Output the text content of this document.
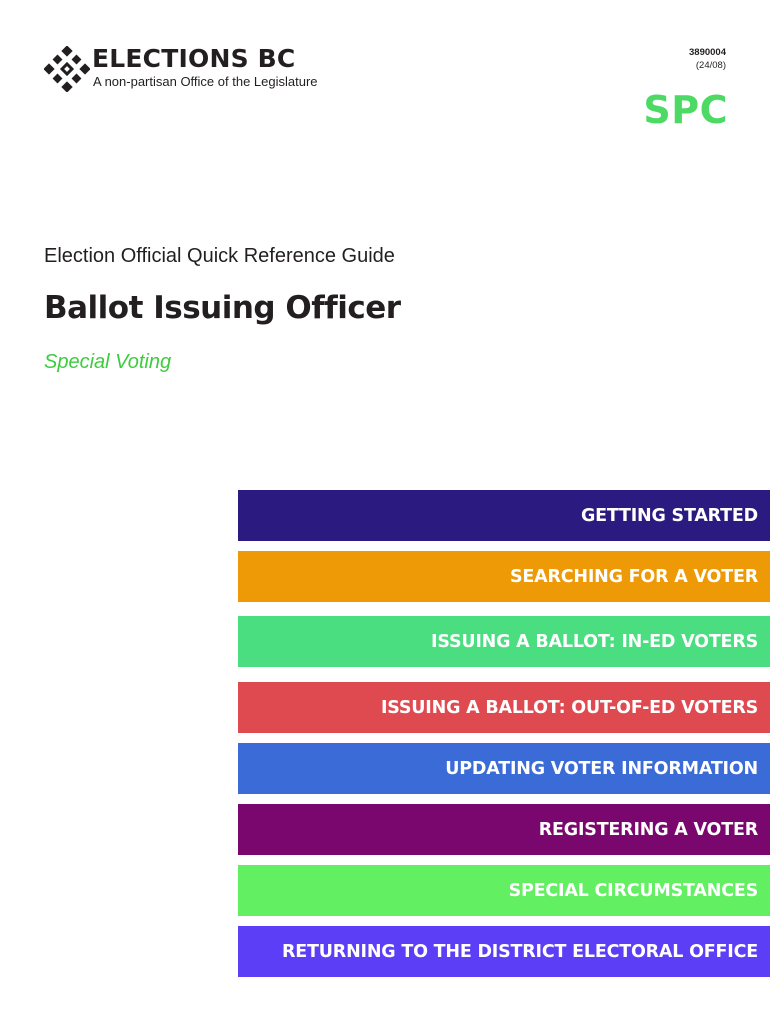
ELECTIONS BC
A non-partisan Office of the Legislature
3890004
(24/08)
SPC
Election Official Quick Reference Guide
Ballot Issuing Officer
Special Voting
GETTING STARTED
SEARCHING FOR A VOTER
ISSUING A BALLOT: IN-ED VOTERS
ISSUING A BALLOT: OUT-OF-ED VOTERS
UPDATING VOTER INFORMATION
REGISTERING A VOTER
SPECIAL CIRCUMSTANCES
RETURNING TO THE DISTRICT ELECTORAL OFFICE
